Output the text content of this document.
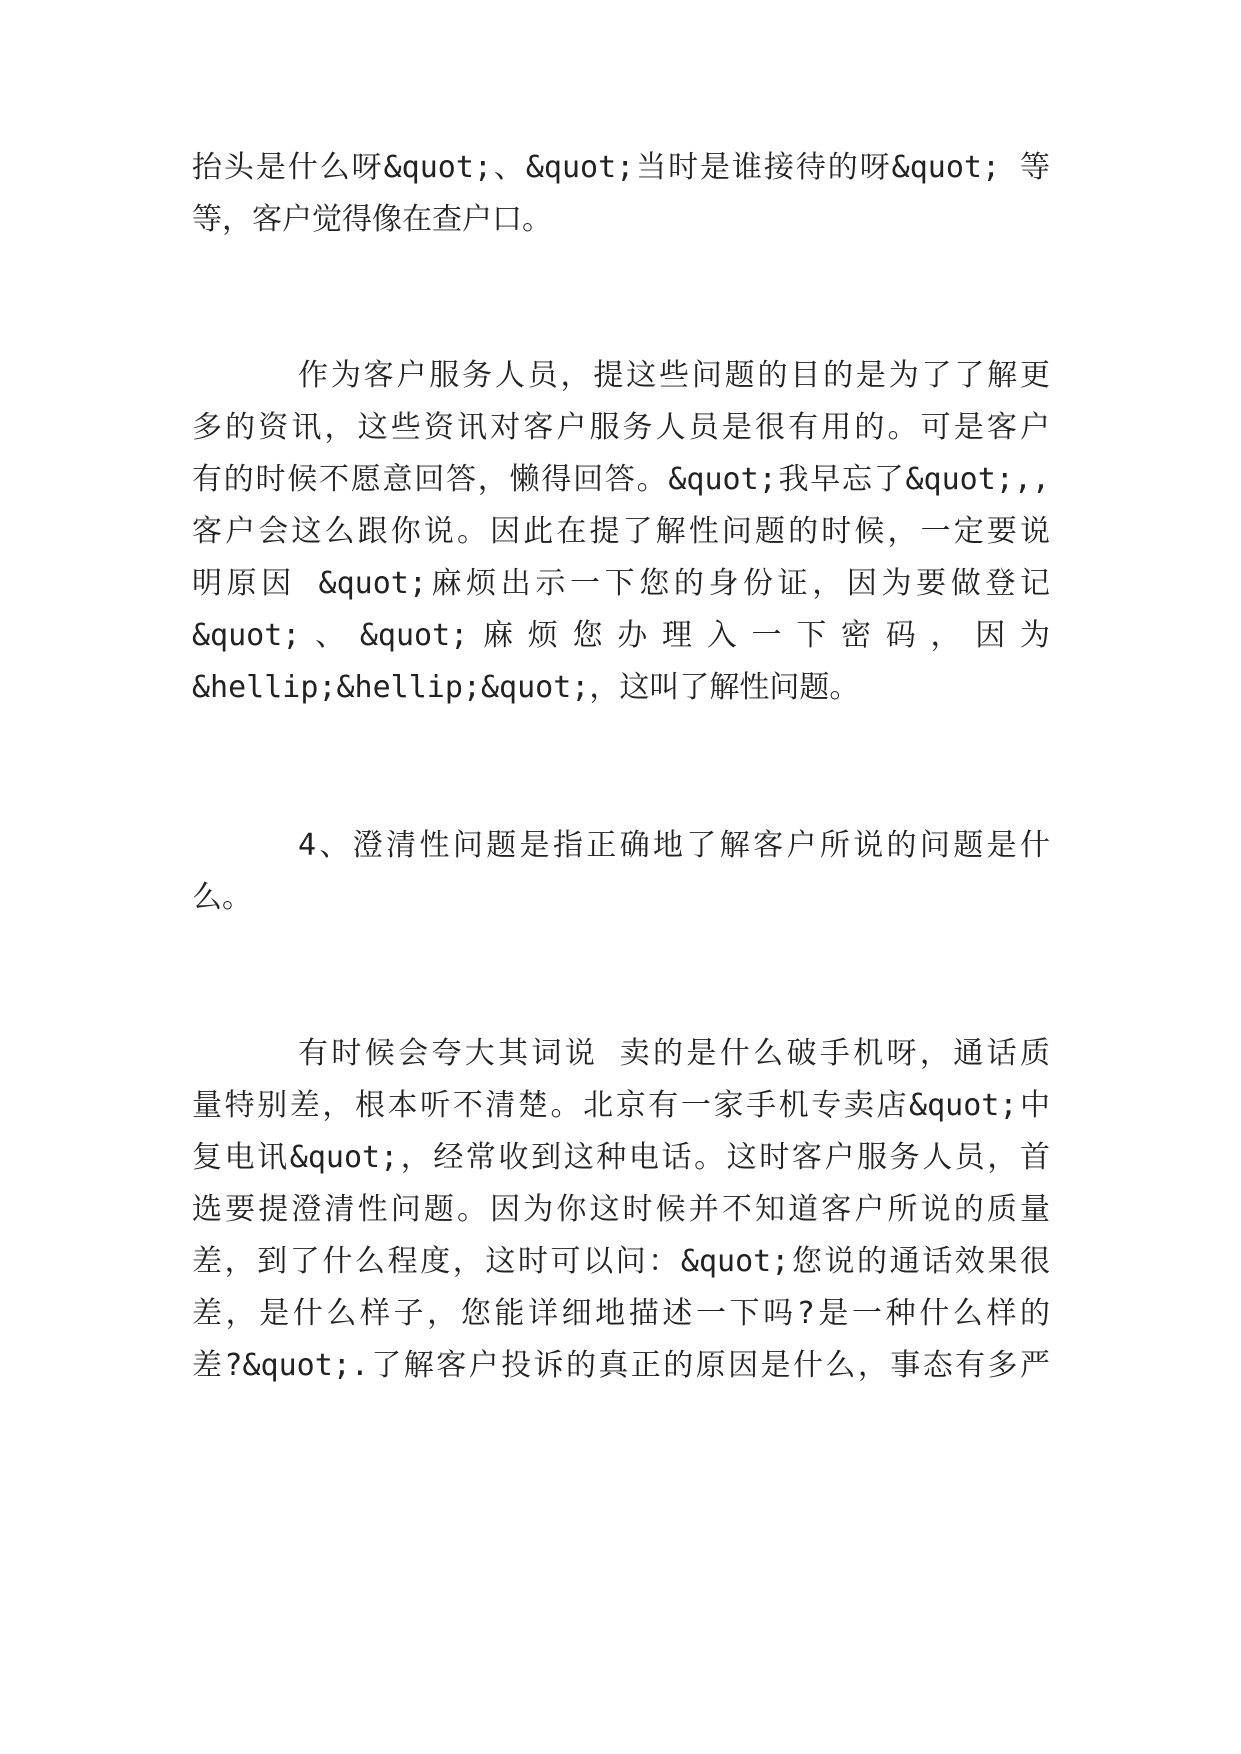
抬头是什么呀&quot;、&quot;当时是谁接待的呀&quot; 等
等，客户觉得像在查户口。
作为客户服务人员，提这些问题的目的是为了了解更
多的资讯，这些资讯对客户服务人员是很有用的。可是客户
有的时候不愿意回答，懒得回答。&quot;我早忘了&quot;,,
客户会这么跟你说。因此在提了解性问题的时候，一定要说
明原因 &quot;麻烦出示一下您的身份证，因为要做登记
&quot;、&quot;麻烦您办理入一下密码，因为
&hellip;&hellip;&quot;，这叫了解性问题。
4、澄清性问题是指正确地了解客户所说的问题是什
么。
有时候会夸大其词说 卖的是什么破手机呀，通话质
量特别差，根本听不清楚。北京有一家手机专卖店&quot;中
复电讯&quot;，经常收到这种电话。这时客户服务人员，首
选要提澄清性问题。因为你这时候并不知道客户所说的质量
差，到了什么程度，这时可以问：&quot;您说的通话效果很
差，是什么样子，您能详细地描述一下吗?是一种什么样的
差?&quot;.了解客户投诉的真正的原因是什么，事态有多严
